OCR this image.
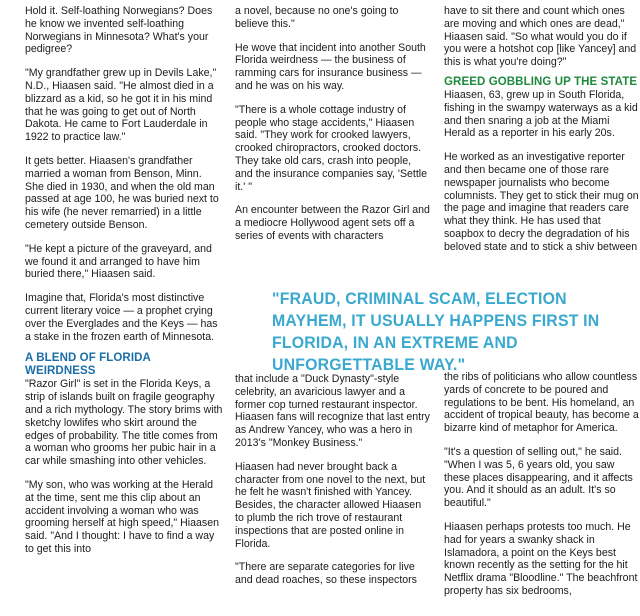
Hold it. Self-loathing Norwegians? Does he know we invented self-loathing Norwegians in Minnesota? What's your pedigree?

"My grandfather grew up in Devils Lake," N.D., Hiaasen said. "He almost died in a blizzard as a kid, so he got it in his mind that he was going to get out of North Dakota. He came to Fort Lauderdale in 1922 to practice law."

It gets better. Hiaasen's grandfather married a woman from Benson, Minn. She died in 1930, and when the old man passed at age 100, he was buried next to his wife (he never remarried) in a little cemetery outside Benson.

"He kept a picture of the graveyard, and we found it and arranged to have him buried there," Hiaasen said.

Imagine that, Florida's most distinctive current literary voice — a prophet crying over the Everglades and the Keys — has a stake in the frozen earth of Minnesota.

A BLEND OF FLORIDA WEIRDNESS

"Razor Girl" is set in the Florida Keys, a strip of islands built on fragile geography and a rich mythology. The story brims with sketchy lowlifes who skirt around the edges of probability. The title comes from a woman who grooms her pubic hair in a car while smashing into other vehicles.

"My son, who was working at the Herald at the time, sent me this clip about an accident involving a woman who was grooming herself at high speed," Hiaasen said. "And I thought: I have to find a way to get this into

a novel, because no one's going to believe this."

He wove that incident into another South Florida weirdness — the business of ramming cars for insurance business — and he was on his way.

"There is a whole cottage industry of people who stage accidents," Hiaasen said. "They work for crooked lawyers, crooked chiropractors, crooked doctors. They take old cars, crash into people, and the insurance companies say, 'Settle it.' "

An encounter between the Razor Girl and a mediocre Hollywood agent sets off a series of events with characters

have to sit there and count which ones are moving and which ones are dead," Hiaasen said. "So what would you do if you were a hotshot cop [like Yancey] and this is what you're doing?"

GREED GOBBLING UP THE STATE

Hiaasen, 63, grew up in South Florida, fishing in the swampy waterways as a kid and then snaring a job at the Miami Herald as a reporter in his early 20s.

He worked as an investigative reporter and then became one of those rare newspaper journalists who become columnists. They get to stick their mug on the page and imagine that readers care what they think. He has used that soapbox to decry the degradation of his beloved state and to stick a shiv between

"FRAUD, CRIMINAL SCAM, ELECTION MAYHEM, IT USUALLY HAPPENS FIRST IN FLORIDA, IN AN EXTREME AND UNFORGETTABLE WAY."

that include a "Duck Dynasty"-style celebrity, an avaricious lawyer and a former cop turned restaurant inspector. Hiaasen fans will recognize that last entry as Andrew Yancey, who was a hero in 2013's "Monkey Business."

Hiaasen had never brought back a character from one novel to the next, but he felt he wasn't finished with Yancey. Besides, the character allowed Hiaasen to plumb the rich trove of restaurant inspections that are posted online in Florida.

"There are separate categories for live and dead roaches, so these inspectors

the ribs of politicians who allow countless yards of concrete to be poured and regulations to be bent. His homeland, an accident of tropical beauty, has become a bizarre kind of metaphor for America.

"It's a question of selling out," he said. "When I was 5, 6 years old, you saw these places disappearing, and it affects you. And it should as an adult. It's so beautiful."

Hiaasen perhaps protests too much. He had for years a swanky shack in Islamadora, a point on the Keys best known recently as the setting for the hit Netflix drama "Bloodline." The beachfront property has six bedrooms,
